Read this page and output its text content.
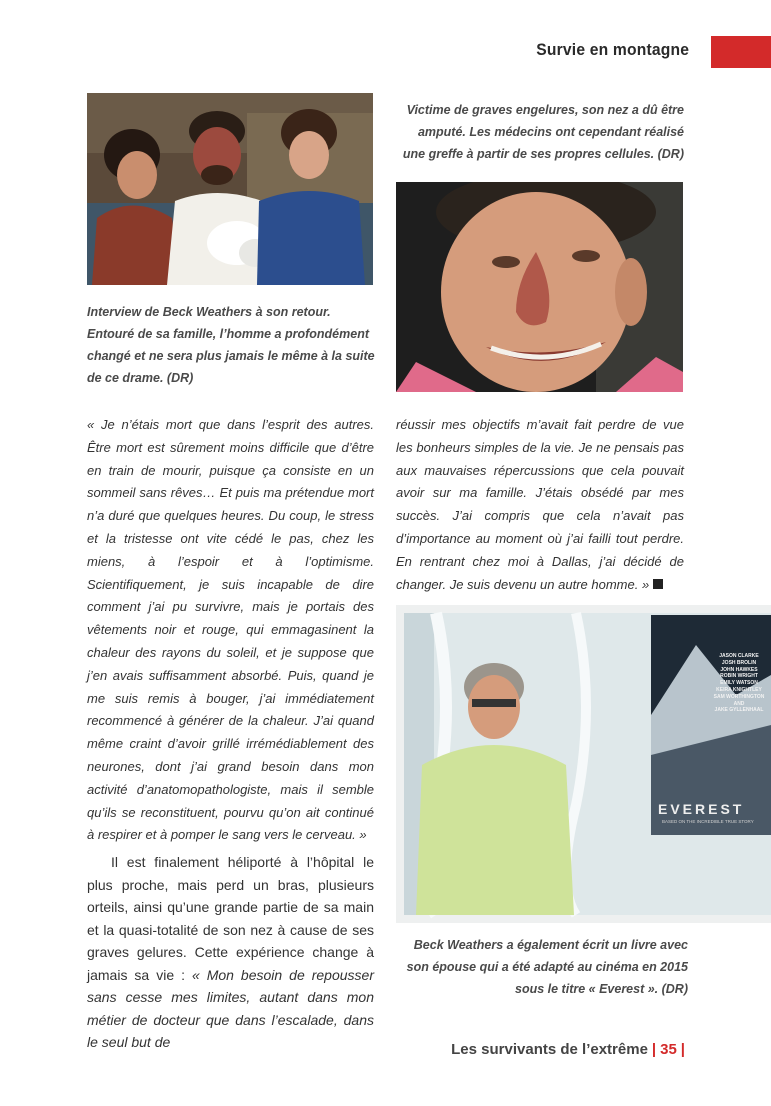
Survie en montagne

Interview de Beck Weathers à son retour. Entouré de sa famille, l’homme a profondément changé et ne sera plus jamais le même à la suite de ce drame. (DR)

Victime de graves engelures, son nez a dû être amputé. Les médecins ont cependant réalisé une greffe à partir de ses propres cellules. (DR)

« Je n’étais mort que dans l’esprit des autres. Être mort est sûrement moins difficile que d’être en train de mourir, puisque ça consiste en un sommeil sans rêves… Et puis ma prétendue mort n’a duré que quelques heures. Du coup, le stress et la tristesse ont vite cédé le pas, chez les miens, à l’espoir et à l’optimisme. Scientifiquement, je suis incapable de dire comment j’ai pu survivre, mais je portais des vêtements noir et rouge, qui emmagasinent la chaleur des rayons du soleil, et je suppose que j’en avais suffisamment absorbé. Puis, quand je me suis remis à bouger, j’ai immédiatement recommencé à générer de la chaleur. J’ai quand même craint d’avoir grillé irrémédiablement des neurones, dont j’ai grand besoin dans mon activité d’anatomopathologiste, mais il semble qu’ils se reconstituent, pourvu qu’on ait continué à respirer et à pomper le sang vers le cerveau. »

Il est finalement héliporté à l’hôpital le plus proche, mais perd un bras, plusieurs orteils, ainsi qu’une grande partie de sa main et la quasi-totalité de son nez à cause de ses graves gelures. Cette expérience change à jamais sa vie : « Mon besoin de repousser sans cesse mes limites, autant dans mon métier de docteur que dans l’escalade, dans le seul but de

réussir mes objectifs m’avait fait perdre de vue les bonheurs simples de la vie. Je ne pensais pas aux mauvaises répercussions que cela pouvait avoir sur ma famille. J’étais obsédé par mes succès. J’ai compris que cela n’avait pas d’importance au moment où j’ai failli tout perdre. En rentrant chez moi à Dallas, j’ai décidé de changer. Je suis devenu un autre homme. »

JASON CLARKE
JOSH BROLIN
JOHN HAWKES
ROBIN WRIGHT
EMILY WATSON
KEIRA KNIGHTLEY
SAM WORTHINGTON
AND
JAKE GYLLENHAAL
EVEREST
BASED ON THE INCREDIBLE TRUE STORY

Beck Weathers a également écrit un livre avec son épouse qui a été adapté au cinéma en 2015 sous le titre « Everest ». (DR)

Les survivants de l’extrême | 35 |
